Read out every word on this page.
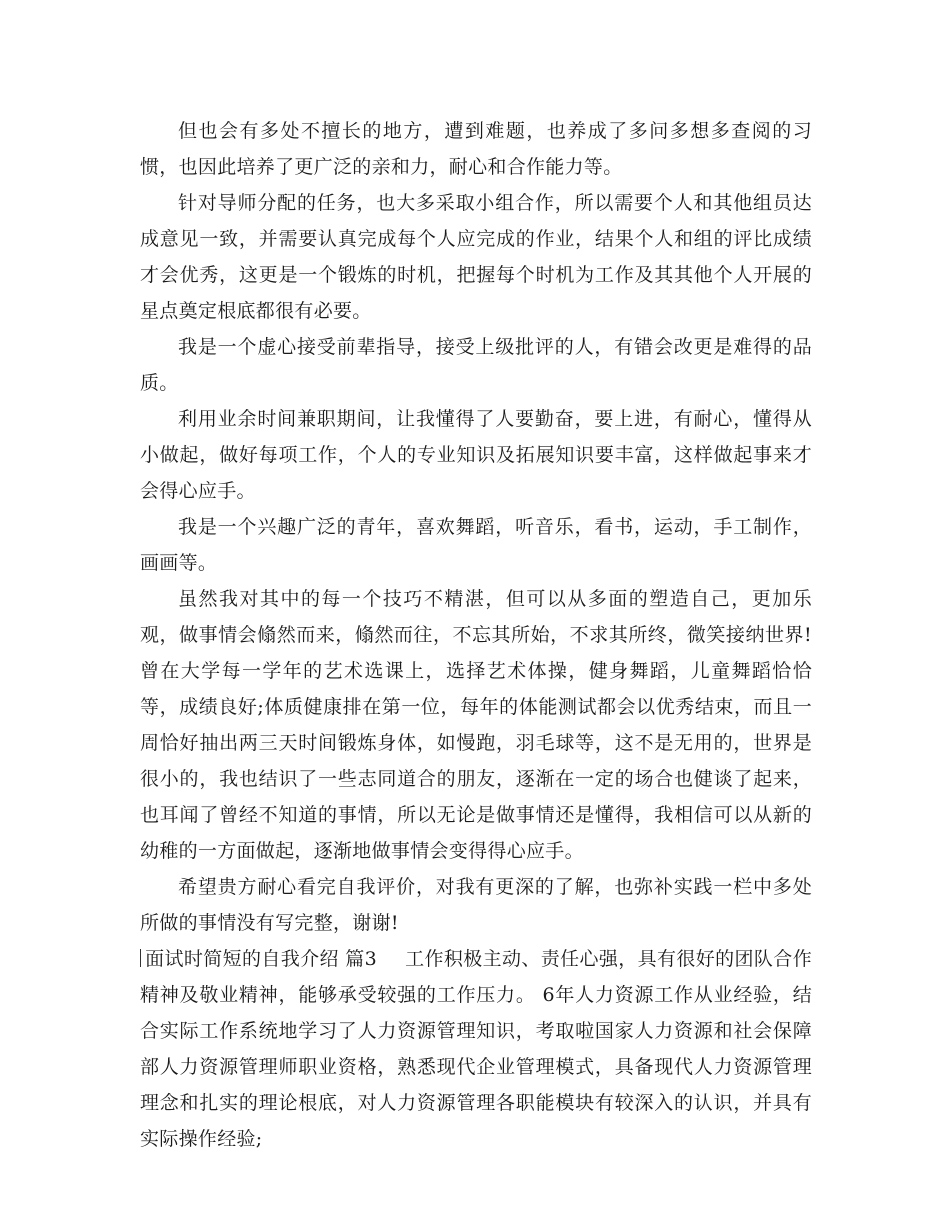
但也会有多处不擅长的地方，遭到难题，也养成了多问多想多查阅的习惯，也因此培养了更广泛的亲和力，耐心和合作能力等。

针对导师分配的任务，也大多采取小组合作，所以需要个人和其他组员达成意见一致，并需要认真完成每个人应完成的作业，结果个人和组的评比成绩才会优秀，这更是一个锻炼的时机，把握每个时机为工作及其其他个人开展的星点奠定根底都很有必要。

我是一个虚心接受前辈指导，接受上级批评的人，有错会改更是难得的品质。

利用业余时间兼职期间，让我懂得了人要勤奋，要上进，有耐心，懂得从小做起，做好每项工作，个人的专业知识及拓展知识要丰富，这样做起事来才会得心应手。

我是一个兴趣广泛的青年，喜欢舞蹈，听音乐，看书，运动，手工制作，画画等。

虽然我对其中的每一个技巧不精湛，但可以从多面的塑造自己，更加乐观，做事情会翛然而来，翛然而往，不忘其所始，不求其所终，微笑接纳世界!曾在大学每一学年的艺术选课上，选择艺术体操，健身舞蹈，儿童舞蹈恰恰等，成绩良好;体质健康排在第一位，每年的体能测试都会以优秀结束，而且一周恰好抽出两三天时间锻炼身体，如慢跑，羽毛球等，这不是无用的，世界是很小的，我也结识了一些志同道合的朋友，逐渐在一定的场合也健谈了起来，也耳闻了曾经不知道的事情，所以无论是做事情还是懂得，我相信可以从新的幼稚的一方面做起，逐渐地做事情会变得得心应手。

希望贵方耐心看完自我评价，对我有更深的了解，也弥补实践一栏中多处所做的事情没有写完整，谢谢!

面试时简短的自我介绍 篇3 工作积极主动、责任心强，具有很好的团队合作精神及敬业精神，能够承受较强的工作压力。 6年人力资源工作从业经验，结合实际工作系统地学习了人力资源管理知识，考取啦国家人力资源和社会保障部人力资源管理师职业资格，熟悉现代企业管理模式，具备现代人力资源管理理念和扎实的理论根底，对人力资源管理各职能模块有较深入的认识，并具有实际操作经验;
